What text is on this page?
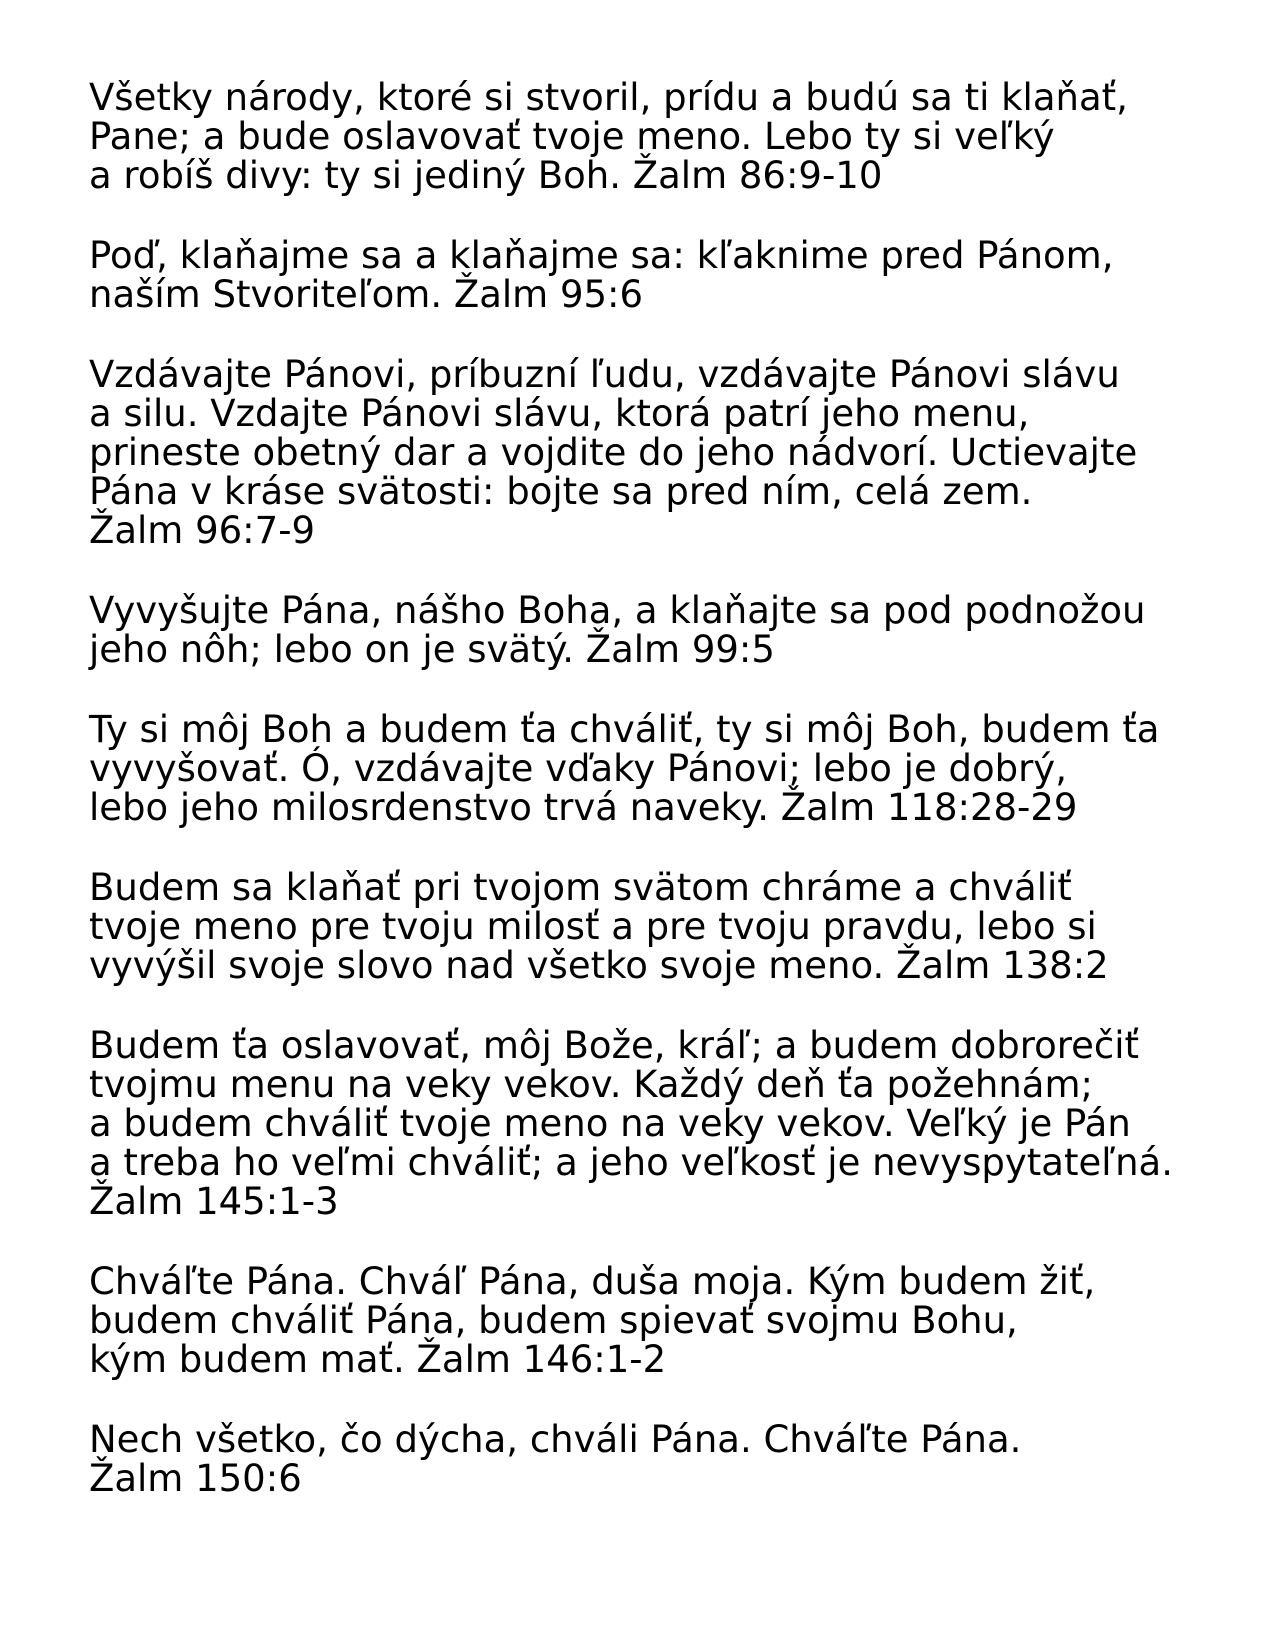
Všetky národy, ktoré si stvoril, prídu a budú sa ti klaňať,
Pane; a bude oslavovať tvoje meno. Lebo ty si veľký
a robíš divy: ty si jediný Boh. Žalm 86:9-10

Poď, klaňajme sa a klaňajme sa: kľaknime pred Pánom,
naším Stvoriteľom. Žalm 95:6

Vzdávajte Pánovi, príbuzní ľudu, vzdávajte Pánovi slávu
a silu. Vzdajte Pánovi slávu, ktorá patrí jeho menu,
prineste obetný dar a vojdite do jeho nádvorí. Uctievajte
Pána v kráse svätosti: bojte sa pred ním, celá zem.
Žalm 96:7-9

Vyvyšujte Pána, nášho Boha, a klaňajte sa pod podnožou
jeho nôh; lebo on je svätý. Žalm 99:5

Ty si môj Boh a budem ťa chváliť, ty si môj Boh, budem ťa
vyvyšovať. Ó, vzdávajte vďaky Pánovi; lebo je dobrý,
lebo jeho milosrdenstvo trvá naveky. Žalm 118:28-29

Budem sa klaňať pri tvojom svätom chráme a chváliť
tvoje meno pre tvoju milosť a pre tvoju pravdu, lebo si
vyvýšil svoje slovo nad všetko svoje meno. Žalm 138:2

Budem ťa oslavovať, môj Bože, kráľ; a budem dobrorečiť
tvojmu menu na veky vekov. Každý deň ťa požehnám;
a budem chváliť tvoje meno na veky vekov. Veľký je Pán
a treba ho veľmi chváliť; a jeho veľkosť je nevyspytateľná.
Žalm 145:1-3

Chváľte Pána. Chváľ Pána, duša moja. Kým budem žiť,
budem chváliť Pána, budem spievať svojmu Bohu,
kým budem mať. Žalm 146:1-2

Nech všetko, čo dýcha, chváli Pána. Chváľte Pána.
Žalm 150:6
